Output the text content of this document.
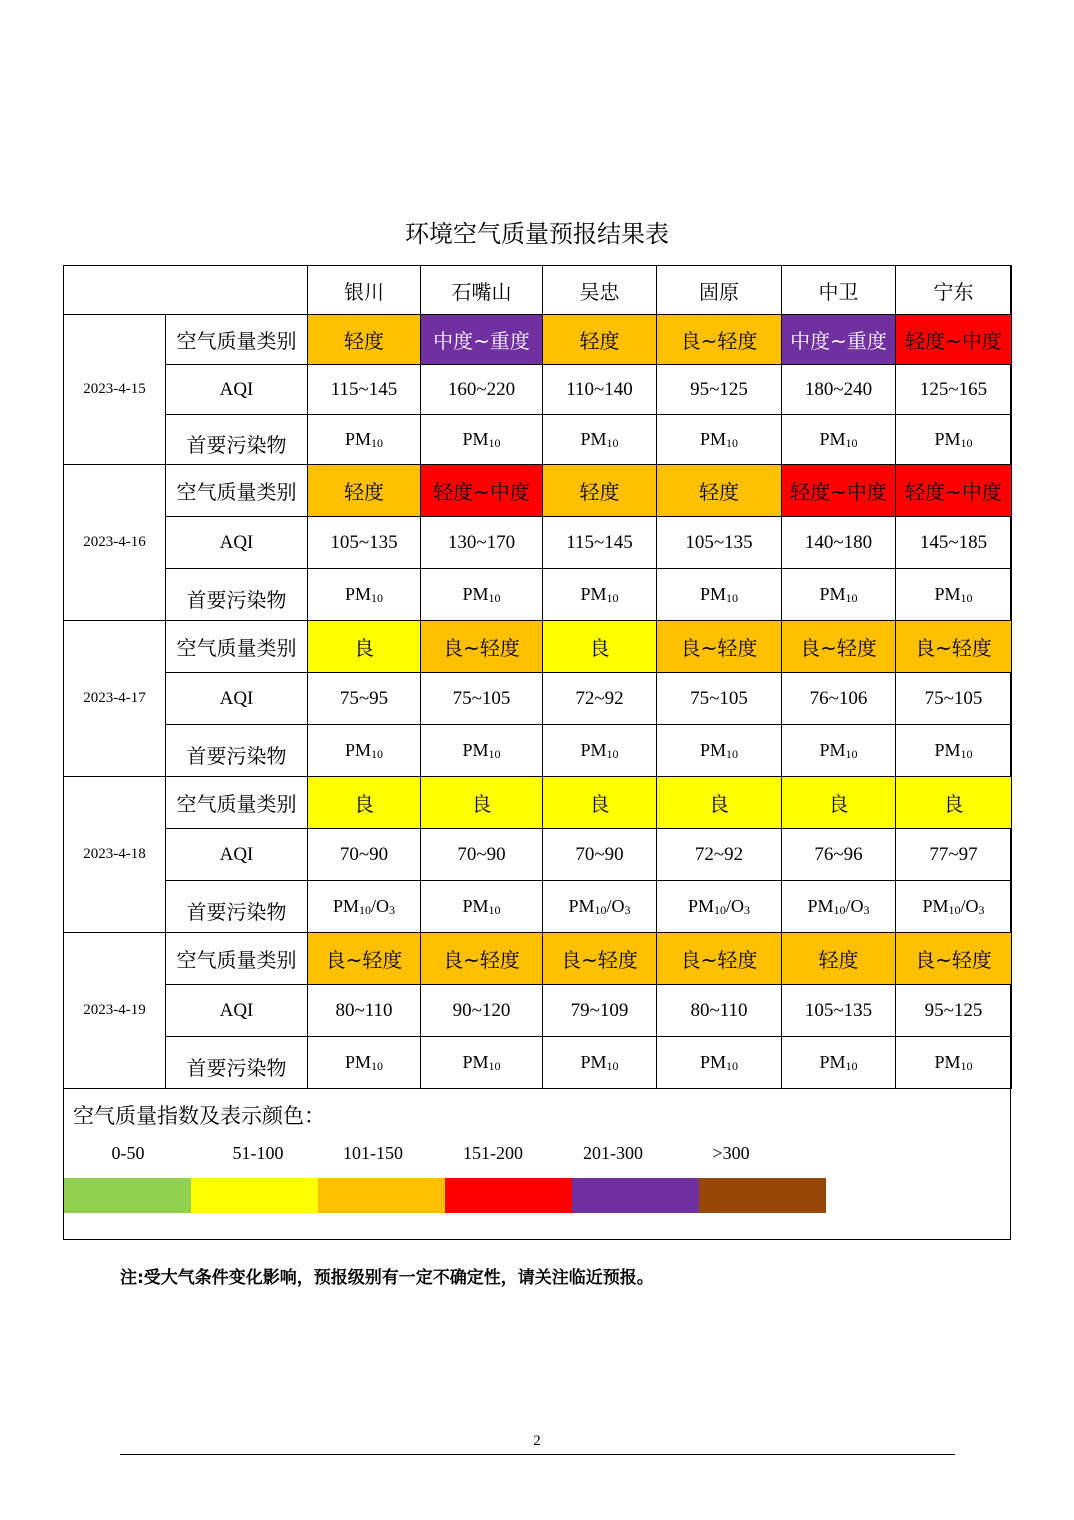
环境空气质量预报结果表
		银川	石嘴山	吴忠	固原	中卫	宁东
2023-4-15	空气质量类别	轻度	中度~重度	轻度	良~轻度	中度~重度	轻度~中度
	AQI	115~145	160~220	110~140	95~125	180~240	125~165
	首要污染物	$PM_{10}$	$PM_{10}$	$PM_{10}$	$PM_{10}$	$PM_{10}$	$PM_{10}$
2023-4-16	空气质量类别	轻度	轻度~中度	轻度	轻度	轻度~中度	轻度~中度
	AQI	105~135	130~170	115~145	105~135	140~180	145~185
	首要污染物	$PM_{10}$	$PM_{10}$	$PM_{10}$	$PM_{10}$	$PM_{10}$	$PM_{10}$
2023-4-17	空气质量类别	良	良~轻度	良	良~轻度	良~轻度	良~轻度
	AQI	75~95	75~105	72~92	75~105	76~106	75~105
	首要污染物	$PM_{10}$	$PM_{10}$	$PM_{10}$	$PM_{10}$	$PM_{10}$	$PM_{10}$
2023-4-18	空气质量类别	良	良	良	良	良	良
	AQI	70~90	70~90	70~90	72~92	76~96	77~97
	首要污染物	$PM_{10}/O_3$	$PM_{10}$	$PM_{10}/O_3$	$PM_{10}/O_3$	$PM_{10}/O_3$	$PM_{10}/O_3$
2023-4-19	空气质量类别	良~轻度	良~轻度	良~轻度	良~轻度	轻度	良~轻度
	AQI	80~110	90~120	79~109	80~110	105~135	95~125
	首要污染物	$PM_{10}$	$PM_{10}$	$PM_{10}$	$PM_{10}$	$PM_{10}$	$PM_{10}$
空气质量指数及表示颜色：
0-50	51-100	101-150	151-200	201-300	>300
注:受大气条件变化影响，预报级别有一定不确定性，请关注临近预报。
2
